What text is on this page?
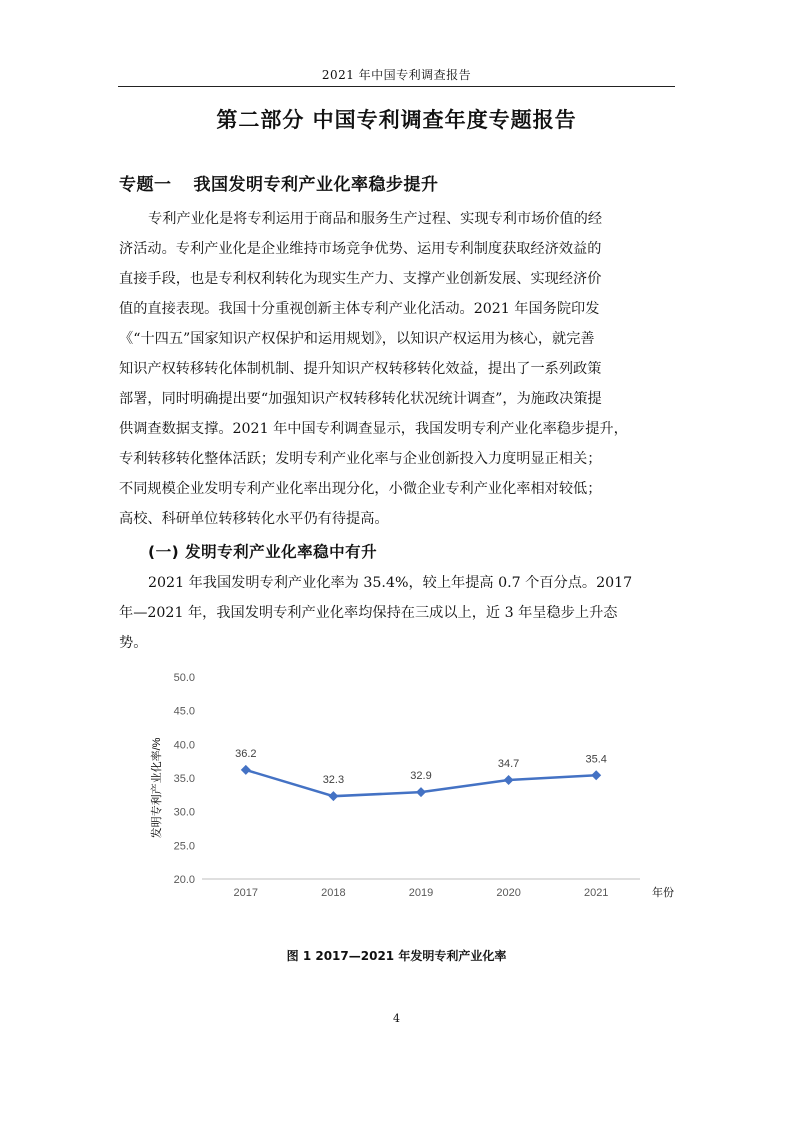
2021 年中国专利调查报告
第二部分 中国专利调查年度专题报告
专题一 我国发明专利产业化率稳步提升
专利产业化是将专利运用于商品和服务生产过程、实现专利市场价值的经
济活动。专利产业化是企业维持市场竞争优势、运用专利制度获取经济效益的
直接手段，也是专利权利转化为现实生产力、支撑产业创新发展、实现经济价
值的直接表现。我国十分重视创新主体专利产业化活动。2021 年国务院印发
《“十四五”国家知识产权保护和运用规划》，以知识产权运用为核心，就完善
知识产权转移转化体制机制、提升知识产权转移转化效益，提出了一系列政策
部署，同时明确提出要“加强知识产权转移转化状况统计调查”，为施政决策提
供调查数据支撑。2021 年中国专利调查显示，我国发明专利产业化率稳步提升，
专利转移转化整体活跃；发明专利产业化率与企业创新投入力度明显正相关；
不同规模企业发明专利产业化率出现分化，小微企业专利产业化率相对较低；
高校、科研单位转移转化水平仍有待提高。
(一) 发明专利产业化率稳中有升
2021 年我国发明专利产业化率为 35.4%，较上年提高 0.7 个百分点。2017
年—2021 年，我国发明专利产业化率均保持在三成以上，近 3 年呈稳步上升态
势。
20.0
25.0
30.0
35.0
40.0
45.0
50.0
2017	2018	2019	2020	2021
发明专利产业化率/%
年份
36.2
32.3	32.9
34.7	35.4
图 1 2017—2021 年发明专利产业化率
4
